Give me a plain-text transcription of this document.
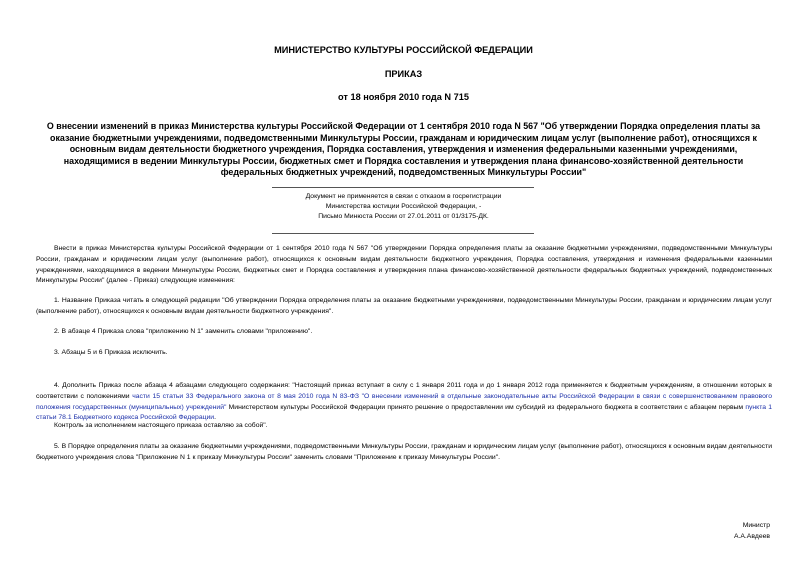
МИНИСТЕРСТВО КУЛЬТУРЫ РОССИЙСКОЙ ФЕДЕРАЦИИ
ПРИКАЗ
от 18 ноября 2010 года N 715
О внесении изменений в приказ Министерства культуры Российской Федерации от 1 сентября 2010 года N 567 "Об утверждении Порядка определения платы за оказание бюджетными учреждениями, подведомственными Минкультуры России, гражданам и юридическим лицам услуг (выполнение работ), относящихся к основным видам деятельности бюджетного учреждения, Порядка составления, утверждения и изменения федеральными казенными учреждениями, находящимися в ведении Минкультуры России, бюджетных смет и Порядка составления и утверждения плана финансово-хозяйственной деятельности федеральных бюджетных учреждений, подведомственных Минкультуры России"
Документ не применяется в связи с отказом в госрегистрации
Министерства юстиции Российской Федерации, -
Письмо Минюста России от 27.01.2011 от 01/3175-ДК.

Внести в приказ Министерства культуры Российской Федерации от 1 сентября 2010 года N 567 "Об утверждении Порядка определения платы за оказание бюджетными учреждениями, подведомственными Минкультуры России, гражданам и юридическим лицам услуг (выполнение работ), относящихся к основным видам деятельности бюджетного учреждения, Порядка составления, утверждения и изменения федеральными казенными учреждениями, находящимися в ведении Минкультуры России, бюджетных смет и Порядка составления и утверждения плана финансово-хозяйственной деятельности федеральных бюджетных учреждений, подведомственных Минкультуры России" (далее - Приказ) следующие изменения:

1. Название Приказа читать в следующей редакции "Об утверждении Порядка определения платы за оказание бюджетными учреждениями, подведомственными Минкультуры России, гражданам и юридическим лицам услуг (выполнение работ), относящихся к основным видам деятельности бюджетного учреждения".

2. В абзаце 4 Приказа слова "приложению N 1" заменить словами "приложению".

3. Абзацы 5 и 6 Приказа исключить.

4. Дополнить Приказ после абзаца 4 абзацами следующего содержания: "Настоящий приказ вступает в силу с 1 января 2011 года и до 1 января 2012 года применяется к бюджетным учреждениям, в отношении которых в соответствии с положениями части 15 статьи 33 Федерального закона от 8 мая 2010 года N 83-ФЗ "О внесении изменений в отдельные законодательные акты Российской Федерации в связи с совершенствованием правового положения государственных (муниципальных) учреждений" Министерством культуры Российской Федерации принято решение о предоставлении им субсидий из федерального бюджета в соответствии с абзацем первым пункта 1 статьи 78.1 Бюджетного кодекса Российской Федерации.

Контроль за исполнением настоящего приказа оставляю за собой".

5. В Порядке определения платы за оказание бюджетными учреждениями, подведомственными Минкультуры России, гражданам и юридическим лицам услуг (выполнение работ), относящихся к основным видам деятельности бюджетного учреждения слова "Приложение N 1 к приказу Минкультуры России" заменить словами "Приложение к приказу Минкультуры России".

Министр
А.А.Авдеев
